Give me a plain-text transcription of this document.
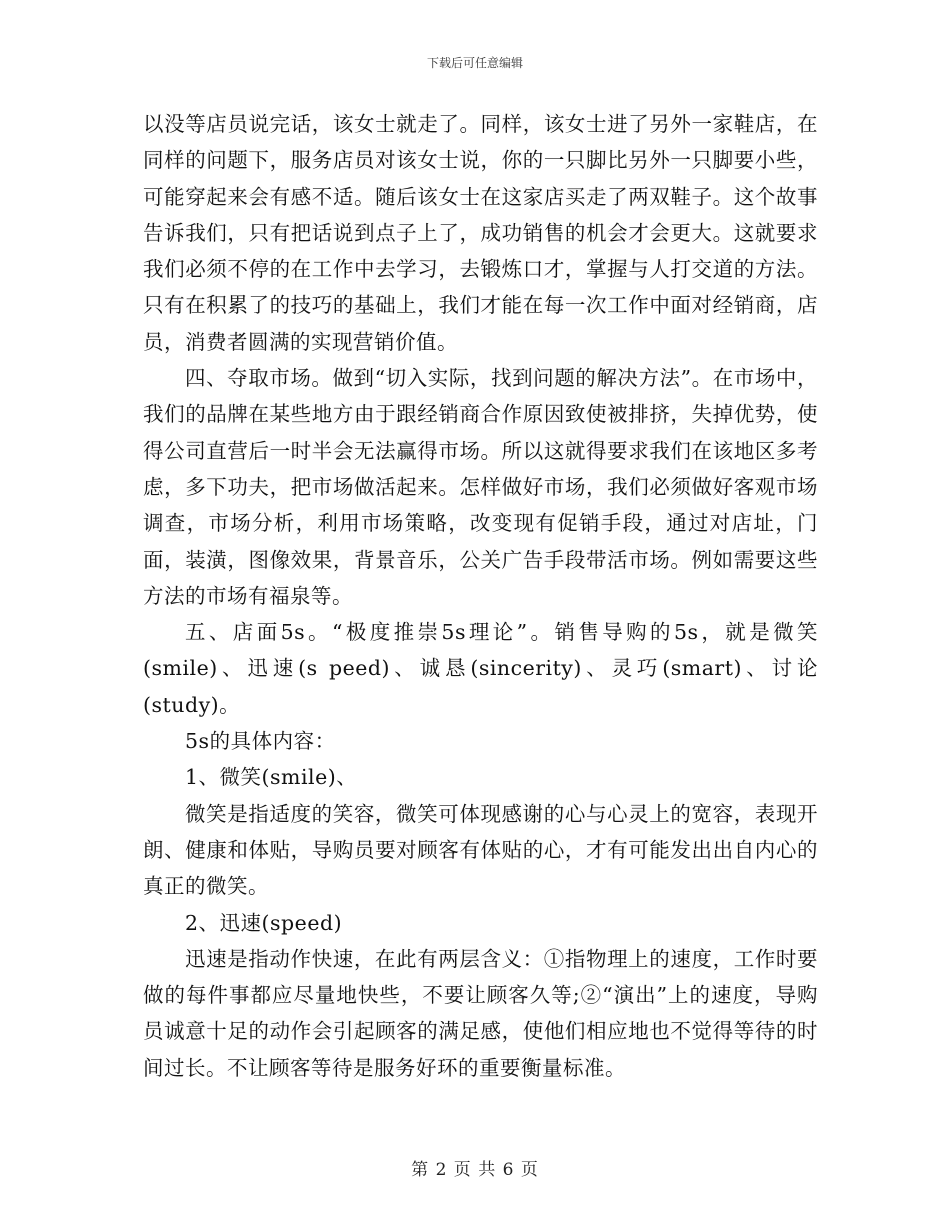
下载后可任意编辑

以没等店员说完话，该女士就走了。同样，该女士进了另外一家鞋店，在同样的问题下，服务店员对该女士说，你的一只脚比另外一只脚要小些，可能穿起来会有感不适。随后该女士在这家店买走了两双鞋子。这个故事告诉我们，只有把话说到点子上了，成功销售的机会才会更大。这就要求我们必须不停的在工作中去学习，去锻炼口才，掌握与人打交道的方法。只有在积累了的技巧的基础上，我们才能在每一次工作中面对经销商，店员，消费者圆满的实现营销价值。

四、夺取市场。做到“切入实际，找到问题的解决方法”。在市场中，我们的品牌在某些地方由于跟经销商合作原因致使被排挤，失掉优势，使得公司直营后一时半会无法赢得市场。所以这就得要求我们在该地区多考虑，多下功夫，把市场做活起来。怎样做好市场，我们必须做好客观市场调查，市场分析，利用市场策略，改变现有促销手段，通过对店址，门面，装潢，图像效果，背景音乐，公关广告手段带活市场。例如需要这些方法的市场有福泉等。

五、店面5s。“极度推崇5s理论”。销售导购的5s，就是微笑(smile)、迅速(s peed)、诚恳(sincerity)、灵巧(smart)、讨论(study)。

5s的具体内容：

1、微笑(smile)、

微笑是指适度的笑容，微笑可体现感谢的心与心灵上的宽容，表现开朗、健康和体贴，导购员要对顾客有体贴的心，才有可能发出出自内心的真正的微笑。

2、迅速(speed)

迅速是指动作快速，在此有两层含义：①指物理上的速度，工作时要做的每件事都应尽量地快些，不要让顾客久等;②“演出”上的速度，导购员诚意十足的动作会引起顾客的满足感，使他们相应地也不觉得等待的时间过长。不让顾客等待是服务好环的重要衡量标准。

第 2 页 共 6 页
